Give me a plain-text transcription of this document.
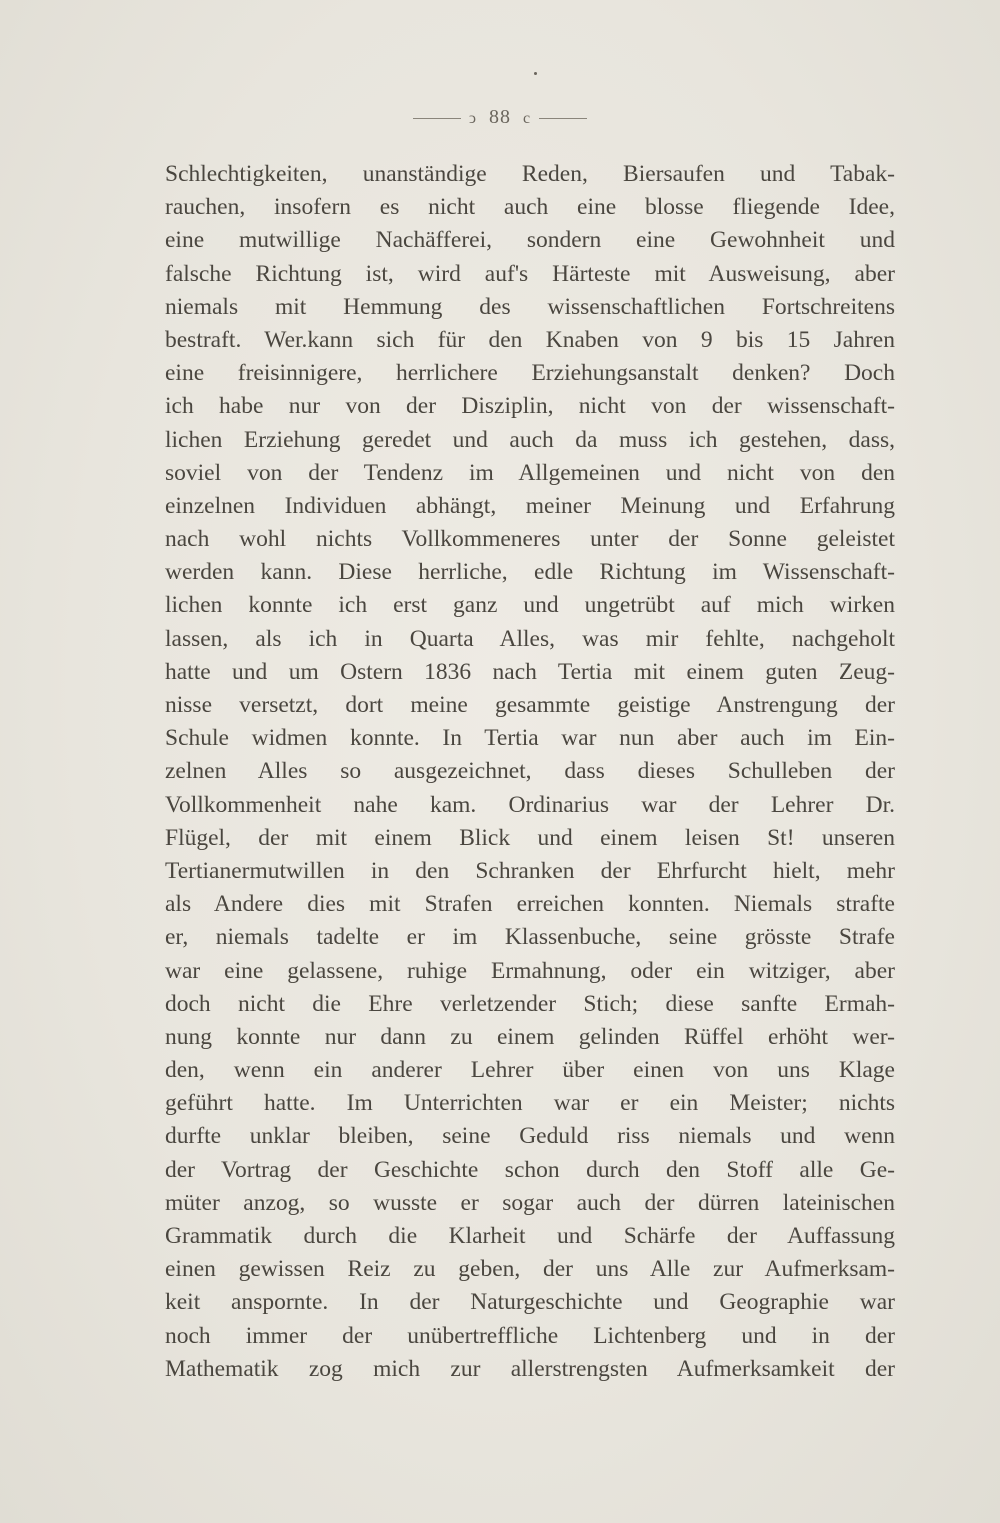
ↄ 88 c
Schlechtigkeiten, unanständige Reden, Biersaufen und Tabak-
rauchen, insofern es nicht auch eine blosse fliegende Idee,
eine mutwillige Nachäfferei, sondern eine Gewohnheit und
falsche Richtung ist, wird auf's Härteste mit Ausweisung, aber
niemals mit Hemmung des wissenschaftlichen Fortschreitens
bestraft. Wer.kann sich für den Knaben von 9 bis 15 Jahren
eine freisinnigere, herrlichere Erziehungsanstalt denken? Doch
ich habe nur von der Disziplin, nicht von der wissenschaft-
lichen Erziehung geredet und auch da muss ich gestehen, dass,
soviel von der Tendenz im Allgemeinen und nicht von den
einzelnen Individuen abhängt, meiner Meinung und Erfahrung
nach wohl nichts Vollkommeneres unter der Sonne geleistet
werden kann. Diese herrliche, edle Richtung im Wissenschaft-
lichen konnte ich erst ganz und ungetrübt auf mich wirken
lassen, als ich in Quarta Alles, was mir fehlte, nachgeholt
hatte und um Ostern 1836 nach Tertia mit einem guten Zeug-
nisse versetzt, dort meine gesammte geistige Anstrengung der
Schule widmen konnte. In Tertia war nun aber auch im Ein-
zelnen Alles so ausgezeichnet, dass dieses Schulleben der
Vollkommenheit nahe kam. Ordinarius war der Lehrer Dr.
Flügel, der mit einem Blick und einem leisen St! unseren
Tertianermutwillen in den Schranken der Ehrfurcht hielt, mehr
als Andere dies mit Strafen erreichen konnten. Niemals strafte
er, niemals tadelte er im Klassenbuche, seine grösste Strafe
war eine gelassene, ruhige Ermahnung, oder ein witziger, aber
doch nicht die Ehre verletzender Stich; diese sanfte Ermah-
nung konnte nur dann zu einem gelinden Rüffel erhöht wer-
den, wenn ein anderer Lehrer über einen von uns Klage
geführt hatte. Im Unterrichten war er ein Meister; nichts
durfte unklar bleiben, seine Geduld riss niemals und wenn
der Vortrag der Geschichte schon durch den Stoff alle Ge-
müter anzog, so wusste er sogar auch der dürren lateinischen
Grammatik durch die Klarheit und Schärfe der Auffassung
einen gewissen Reiz zu geben, der uns Alle zur Aufmerksam-
keit anspornte. In der Naturgeschichte und Geographie war
noch immer der unübertreffliche Lichtenberg und in der
Mathematik zog mich zur allerstrengsten Aufmerksamkeit der
